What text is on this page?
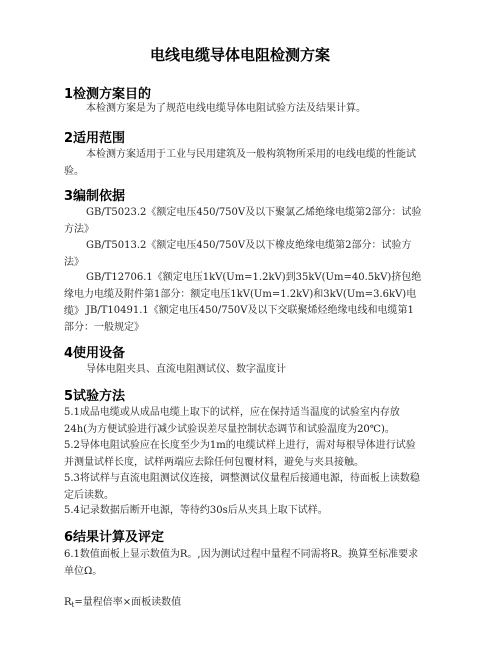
电线电缆导体电阻检测方案
1检测方案目的
本检测方案是为了规范电线电缆导体电阻试验方法及结果计算。
2适用范围
本检测方案适用于工业与民用建筑及一般构筑物所采用的电线电缆的性能试验。
3编制依据
GB/T5023.2《额定电压450/750V及以下聚氯乙烯绝缘电缆第2部分：试验方法》
GB/T5013.2《额定电压450/750V及以下橡皮绝缘电缆第2部分：试验方法》
GB/T12706.1《额定电压1kV(Um=1.2kV)到35kV(Um=40.5kV)挤包绝缘电力电缆及附件第1部分：额定电压1kV(Um=1.2kV)和3kV(Um=3.6kV)电缆》 JB/T10491.1《额定电压450/750V及以下交联聚烯烃绝缘电线和电缆第1部分：一般规定》
4使用设备
导体电阻夹具、直流电阻测试仪、数字温度计
5试验方法
5.1成品电缆或从成品电缆上取下的试样，应在保持适当温度的试验室内存放24h(为方便试验进行减少试验误差尽量控制状态调节和试验温度为20℃)。
5.2导体电阻试验应在长度至少为1m的电缆试样上进行，需对每根导体进行试验并测量试样长度，试样两端应去除任何包覆材料，避免与夹具接触。
5.3将试样与直流电阻测试仪连接，调整测试仪量程后接通电源，待面板上读数稳定后读数。
5.4记录数据后断开电源，等待约30s后从夹具上取下试样。
6结果计算及评定
6.1数值面板上显示数值为R。,因为测试过程中量程不同需将R。换算至标准要求单位Ω。
$R_t=$量程倍率×面板读数值
